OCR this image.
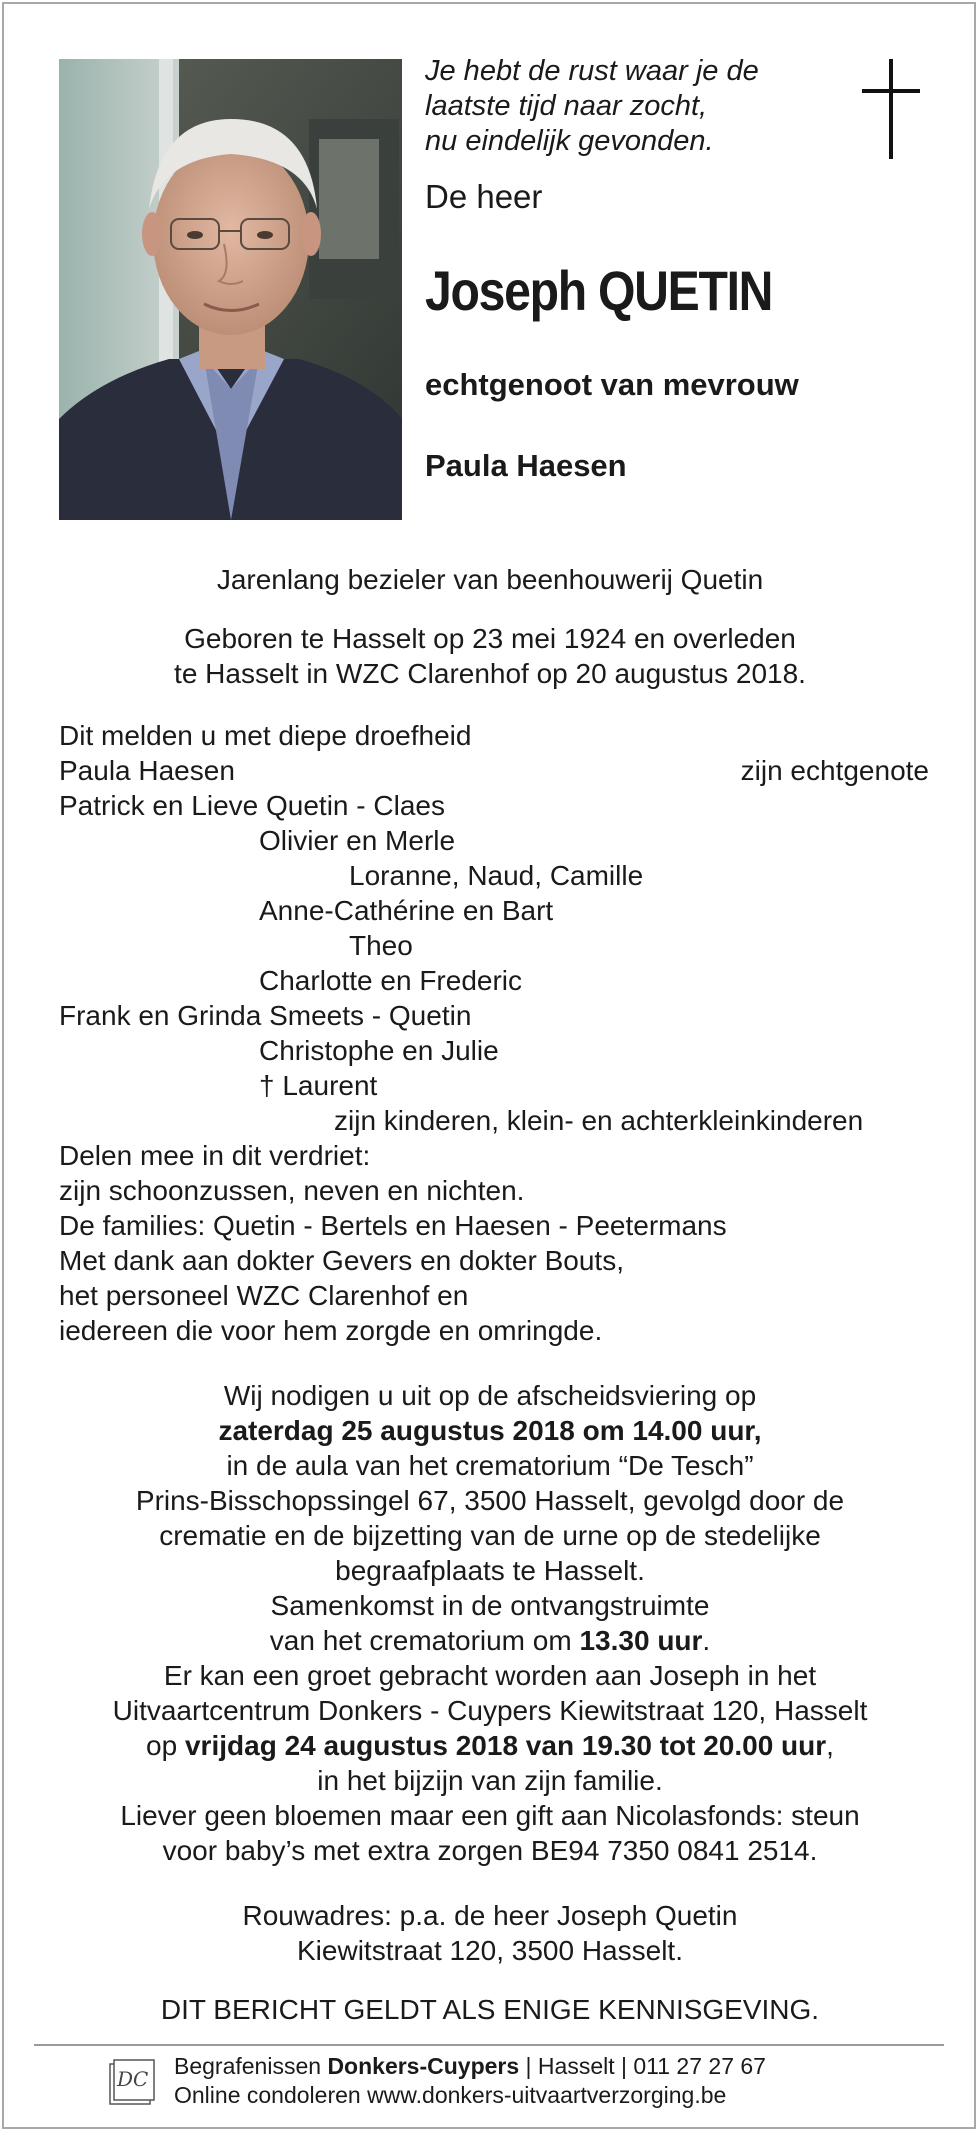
Je hebt de rust waar je de
laatste tijd naar zocht,
nu eindelijk gevonden.
De heer
Joseph QUETIN
echtgenoot van mevrouw
Paula Haesen
Jarenlang bezieler van beenhouwerij Quetin
Geboren te Hasselt op 23 mei 1924 en overleden
te Hasselt in WZC Clarenhof op 20 augustus 2018.
Dit melden u met diepe droefheid
Paula Haesen	zijn echtgenote
Patrick en Lieve Quetin - Claes
Olivier en Merle
Loranne, Naud, Camille
Anne-Cathérine en Bart
Theo
Charlotte en Frederic
Frank en Grinda Smeets - Quetin
Christophe en Julie
† Laurent
zijn kinderen, klein- en achterkleinkinderen
Delen mee in dit verdriet:
zijn schoonzussen, neven en nichten.
De families: Quetin - Bertels en Haesen - Peetermans
Met dank aan dokter Gevers en dokter Bouts,
het personeel WZC Clarenhof en
iedereen die voor hem zorgde en omringde.
Wij nodigen u uit op de afscheidsviering op
zaterdag 25 augustus 2018 om 14.00 uur,
in de aula van het crematorium “De Tesch”
Prins-Bisschopssingel 67, 3500 Hasselt, gevolgd door de
crematie en de bijzetting van de urne op de stedelijke
begraafplaats te Hasselt.
Samenkomst in de ontvangstruimte
van het crematorium om 13.30 uur.
Er kan een groet gebracht worden aan Joseph in het
Uitvaartcentrum Donkers - Cuypers Kiewitstraat 120, Hasselt
op vrijdag 24 augustus 2018 van 19.30 tot 20.00 uur,
in het bijzijn van zijn familie.
Liever geen bloemen maar een gift aan Nicolasfonds: steun
voor baby’s met extra zorgen BE94 7350 0841 2514.
Rouwadres: p.a. de heer Joseph Quetin
Kiewitstraat 120, 3500 Hasselt.
DIT BERICHT GELDT ALS ENIGE KENNISGEVING.
DC Begrafenissen Donkers-Cuypers | Hasselt | 011 27 27 67
Online condoleren www.donkers-uitvaartverzorging.be
